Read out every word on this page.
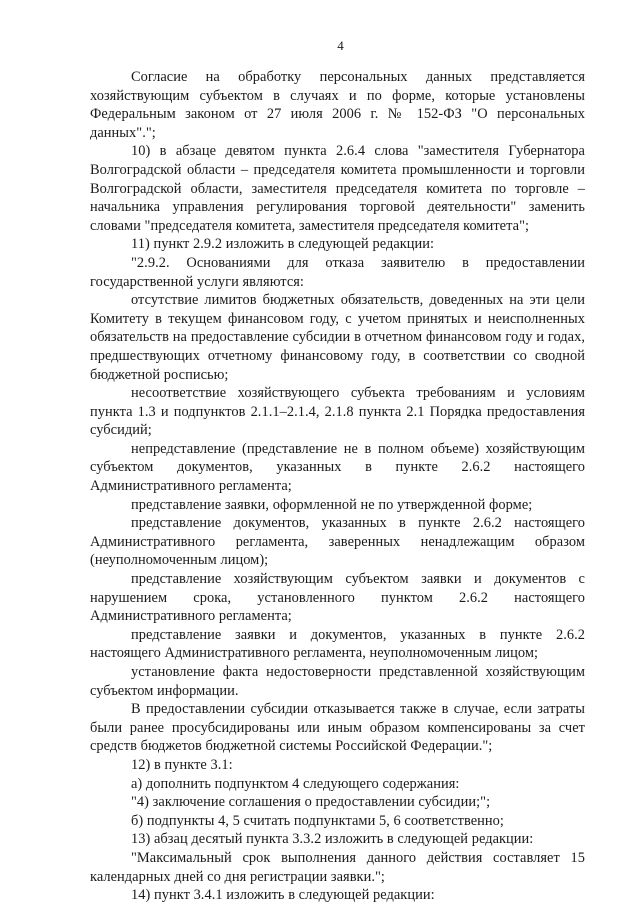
4

Согласие на обработку персональных данных представляется хозяйствующим субъектом в случаях и по форме, которые установлены Федеральным законом от 27 июля 2006 г. № 152-ФЗ "О персональных данных".";

10) в абзаце девятом пункта 2.6.4 слова "заместителя Губернатора Волгоградской области – председателя комитета промышленности и торговли Волгоградской области, заместителя председателя комитета по торговле – начальника управления регулирования торговой деятельности" заменить словами "председателя комитета, заместителя председателя комитета";

11) пункт 2.9.2 изложить в следующей редакции:

"2.9.2. Основаниями для отказа заявителю в предоставлении государственной услуги являются:

отсутствие лимитов бюджетных обязательств, доведенных на эти цели Комитету в текущем финансовом году, с учетом принятых и неисполненных обязательств на предоставление субсидии в отчетном финансовом году и годах, предшествующих отчетному финансовому году, в соответствии со сводной бюджетной росписью;

несоответствие хозяйствующего субъекта требованиям и условиям пункта 1.3 и подпунктов 2.1.1–2.1.4, 2.1.8 пункта 2.1 Порядка предоставления субсидий;

непредставление (представление не в полном объеме) хозяйствующим субъектом документов, указанных в пункте 2.6.2 настоящего Административного регламента;

представление заявки, оформленной не по утвержденной форме;

представление документов, указанных в пункте 2.6.2 настоящего Административного регламента, заверенных ненадлежащим образом (неуполномоченным лицом);

представление хозяйствующим субъектом заявки и документов с нарушением срока, установленного пунктом 2.6.2 настоящего Административного регламента;

представление заявки и документов, указанных в пункте 2.6.2 настоящего Административного регламента, неуполномоченным лицом;

установление факта недостоверности представленной хозяйствующим субъектом информации.

В предоставлении субсидии отказывается также в случае, если затраты были ранее просубсидированы или иным образом компенсированы за счет средств бюджетов бюджетной системы Российской Федерации.";

12) в пункте 3.1:

а) дополнить подпунктом 4 следующего содержания:

"4) заключение соглашения о предоставлении субсидии;";

б) подпункты 4, 5 считать подпунктами 5, 6 соответственно;

13) абзац десятый пункта 3.3.2 изложить в следующей редакции:

"Максимальный срок выполнения данного действия составляет 15 календарных дней со дня регистрации заявки.";

14) пункт 3.4.1 изложить в следующей редакции:
